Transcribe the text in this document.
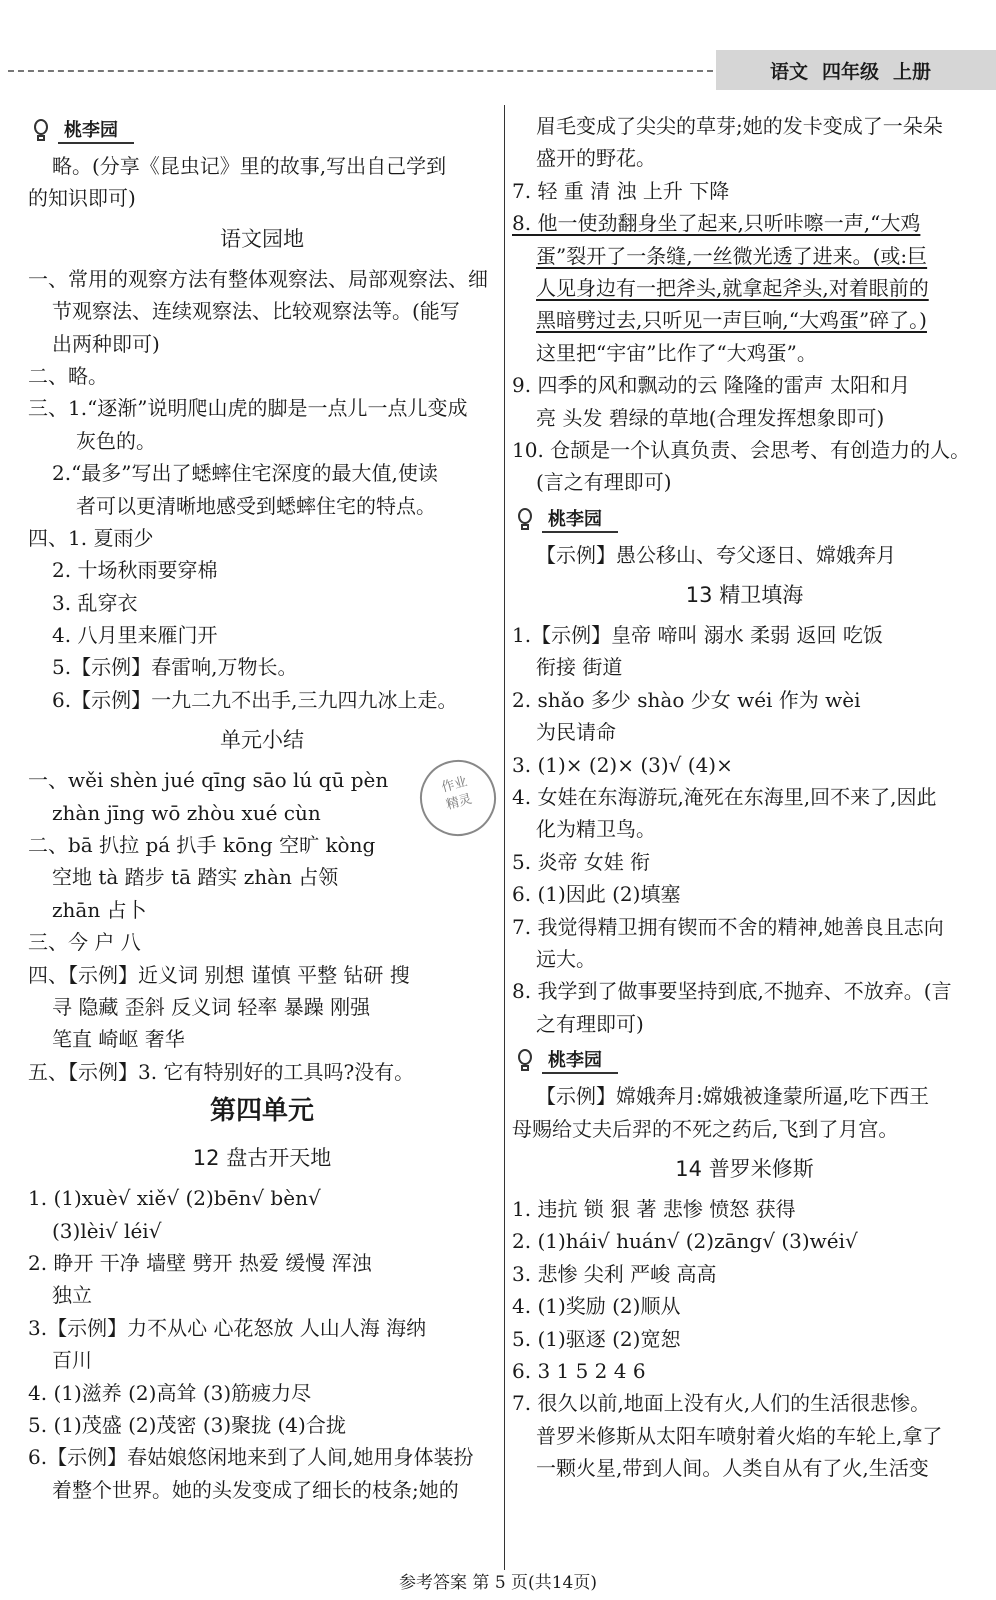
语文 四年级 上册
桃李园
略。(分享《昆虫记》里的故事,写出自己学到
的知识即可)
语文园地
一、常用的观察方法有整体观察法、局部观察法、细
节观察法、连续观察法、比较观察法等。(能写
出两种即可)
二、略。
三、1.“逐渐”说明爬山虎的脚是一点儿一点儿变成
灰色的。
2.“最多”写出了蟋蟀住宅深度的最大值,使读
者可以更清晰地感受到蟋蟀住宅的特点。
四、1. 夏雨少
2. 十场秋雨要穿棉
3. 乱穿衣
4. 八月里来雁门开
5.【示例】春雷响,万物长。
6.【示例】一九二九不出手,三九四九冰上走。
单元小结
一、wěi shèn jué qīng sāo lú qū pèn
zhàn jīng wō zhòu xué cùn
二、bā 扒拉 pá 扒手 kōng 空旷 kòng
空地 tà 踏步 tā 踏实 zhàn 占领
zhān 占卜
三、今 户 八
四、【示例】近义词 别想 谨慎 平整 钻研 搜
寻 隐藏 歪斜 反义词 轻率 暴躁 刚强
笔直 崎岖 奢华
五、【示例】3. 它有特别好的工具吗?没有。
第四单元
12 盘古开天地
1. (1)xuè√ xiě√ (2)bēn√ bèn√
(3)lèi√ léi√
2. 睁开 干净 墙壁 劈开 热爱 缓慢 浑浊
独立
3.【示例】力不从心 心花怒放 人山人海 海纳
百川
4. (1)滋养 (2)高耸 (3)筋疲力尽
5. (1)茂盛 (2)茂密 (3)聚拢 (4)合拢
6.【示例】春姑娘悠闲地来到了人间,她用身体装扮
着整个世界。她的头发变成了细长的枝条;她的
眉毛变成了尖尖的草芽;她的发卡变成了一朵朵
盛开的野花。
7. 轻 重 清 浊 上升 下降
8. 他一使劲翻身坐了起来,只听咔嚓一声,“大鸡
蛋”裂开了一条缝,一丝微光透了进来。(或:巨
人见身边有一把斧头,就拿起斧头,对着眼前的
黑暗劈过去,只听见一声巨响,“大鸡蛋”碎了。)
这里把“宇宙”比作了“大鸡蛋”。
9. 四季的风和飘动的云 隆隆的雷声 太阳和月
亮 头发 碧绿的草地(合理发挥想象即可)
10. 仓颉是一个认真负责、会思考、有创造力的人。
(言之有理即可)
桃李园
【示例】愚公移山、夸父逐日、嫦娥奔月
13 精卫填海
1.【示例】皇帝 啼叫 溺水 柔弱 返回 吃饭
衔接 街道
2. shǎo 多少 shào 少女 wéi 作为 wèi
为民请命
3. (1)× (2)× (3)√ (4)×
4. 女娃在东海游玩,淹死在东海里,回不来了,因此
化为精卫鸟。
5. 炎帝 女娃 衔
6. (1)因此 (2)填塞
7. 我觉得精卫拥有锲而不舍的精神,她善良且志向
远大。
8. 我学到了做事要坚持到底,不抛弃、不放弃。(言
之有理即可)
桃李园
【示例】嫦娥奔月:嫦娥被逢蒙所逼,吃下西王
母赐给丈夫后羿的不死之药后,飞到了月宫。
14 普罗米修斯
1. 违抗 锁 狠 著 悲惨 愤怒 获得
2. (1)hái√ huán√ (2)zāng√ (3)wéi√
3. 悲惨 尖利 严峻 高高
4. (1)奖励 (2)顺从
5. (1)驱逐 (2)宽恕
6. 3 1 5 2 4 6
7. 很久以前,地面上没有火,人们的生活很悲惨。
普罗米修斯从太阳车喷射着火焰的车轮上,拿了
一颗火星,带到人间。人类自从有了火,生活变
作业
精灵
参考答案 第 5 页(共14页)
